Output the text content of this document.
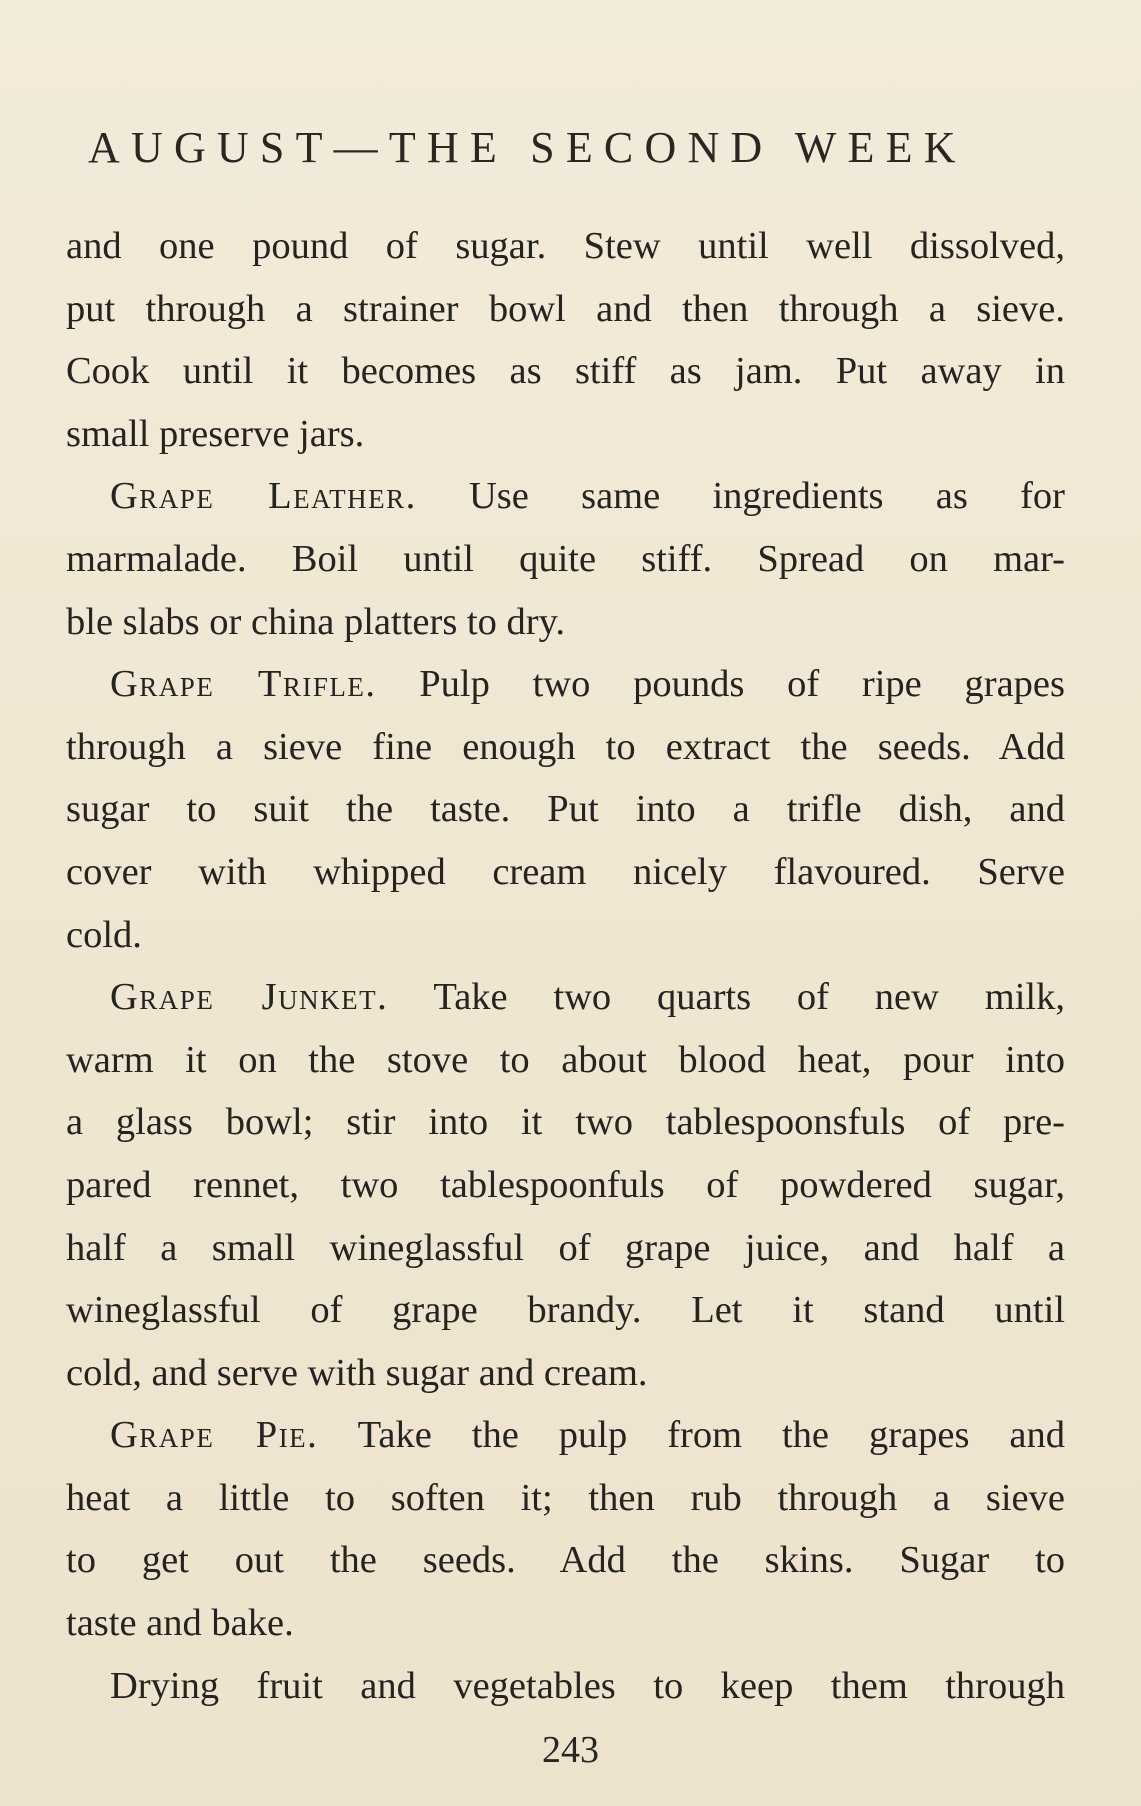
AUGUST—THE SECOND WEEK
and one pound of sugar. Stew until well dissolved,
put through a strainer bowl and then through a sieve.
Cook until it becomes as stiff as jam. Put away in
small preserve jars.
Grape Leather. Use same ingredients as for
marmalade. Boil until quite stiff. Spread on mar-
ble slabs or china platters to dry.
Grape Trifle. Pulp two pounds of ripe grapes
through a sieve fine enough to extract the seeds. Add
sugar to suit the taste. Put into a trifle dish, and
cover with whipped cream nicely flavoured. Serve
cold.
Grape Junket. Take two quarts of new milk,
warm it on the stove to about blood heat, pour into
a glass bowl; stir into it two tablespoonsfuls of pre-
pared rennet, two tablespoonfuls of powdered sugar,
half a small wineglassful of grape juice, and half a
wineglassful of grape brandy. Let it stand until
cold, and serve with sugar and cream.
Grape Pie. Take the pulp from the grapes and
heat a little to soften it; then rub through a sieve
to get out the seeds. Add the skins. Sugar to
taste and bake.
Drying fruit and vegetables to keep them through
243
